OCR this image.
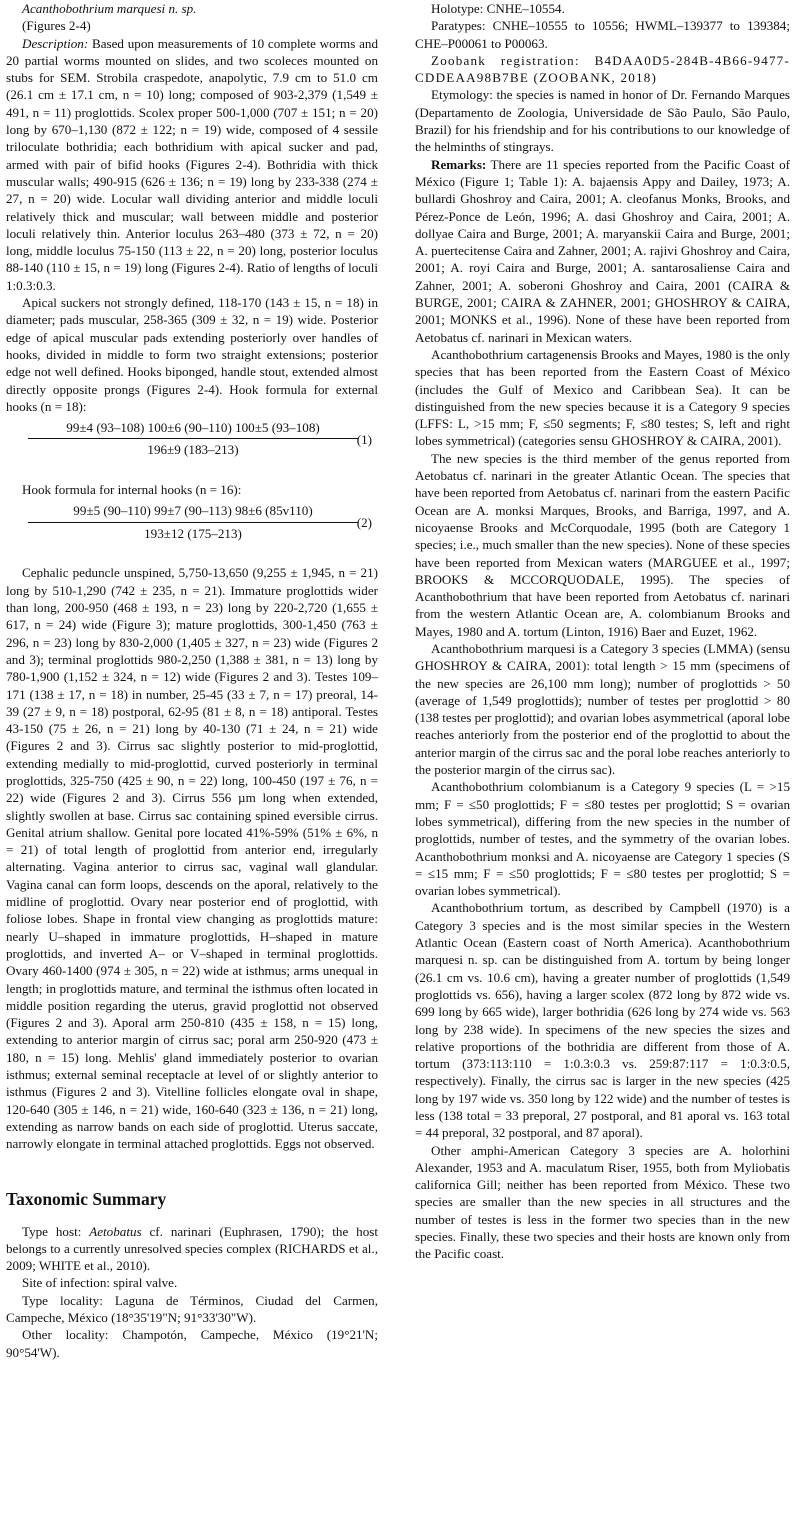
Acanthobothrium marquesi n. sp.

(Figures 2-4)

Description: Based upon measurements of 10 complete worms and 20 partial worms mounted on slides, and two scoleces mounted on stubs for SEM. Strobila craspedote, anapolytic, 7.9 cm to 51.0 cm (26.1 cm ± 17.1 cm, n = 10) long; composed of 903-2,379 (1,549 ± 491, n = 11) proglottids. Scolex proper 500-1,000 (707 ± 151; n = 20) long by 670–1,130 (872 ± 122; n = 19) wide, composed of 4 sessile triloculate bothridia; each bothridium with apical sucker and pad, armed with pair of bifid hooks (Figures 2-4). Bothridia with thick muscular walls; 490-915 (626 ± 136; n = 19) long by 233-338 (274 ± 27, n = 20) wide. Locular wall dividing anterior and middle loculi relatively thick and muscular; wall between middle and posterior loculi relatively thin. Anterior loculus 263–480 (373 ± 72, n = 20) long, middle loculus 75-150 (113 ± 22, n = 20) long, posterior loculus 88-140 (110 ± 15, n = 19) long (Figures 2-4). Ratio of lengths of loculi 1:0.3:0.3.

Apical suckers not strongly defined, 118-170 (143 ± 15, n = 18) in diameter; pads muscular, 258-365 (309 ± 32, n = 19) wide. Posterior edge of apical muscular pads extending posteriorly over handles of hooks, divided in middle to form two straight extensions; posterior edge not well defined. Hooks biponged, handle stout, extended almost directly opposite prongs (Figures 2-4). Hook formula for external hooks (n = 18):

$\frac{99\pm 4 (93-108) 100\pm 6 (90-110) 100\pm 5 (93-108)}{196\pm 9 (183-213)}$
(1)

Hook formula for internal hooks (n = 16):

$\frac{99\pm 5 (90-110) 99\pm 7 (90-113) 98\pm 6 (85v110)}{193\pm 12 (175-213)}$
(2)

Cephalic peduncle unspined, 5,750-13,650 (9,255 ± 1,945, n = 21) long by 510-1,290 (742 ± 235, n = 21). Immature proglottids wider than long, 200-950 (468 ± 193, n = 23) long by 220-2,720 (1,655 ± 617, n = 24) wide (Figure 3); mature proglottids, 300-1,450 (763 ± 296, n = 23) long by 830-2,000 (1,405 ± 327, n = 23) wide (Figures 2 and 3); terminal proglottids 980-2,250 (1,388 ± 381, n = 13) long by 780-1,900 (1,152 ± 324, n = 12) wide (Figures 2 and 3). Testes 109–171 (138 ± 17, n = 18) in number, 25-45 (33 ± 7, n = 17) preoral, 14-39 (27 ± 9, n = 18) postporal, 62-95 (81 ± 8, n = 18) antiporal. Testes 43-150 (75 ± 26, n = 21) long by 40-130 (71 ± 24, n = 21) wide (Figures 2 and 3). Cirrus sac slightly posterior to mid-proglottid, extending medially to mid-proglottid, curved posteriorly in terminal proglottids, 325-750 (425 ± 90, n = 22) long, 100-450 (197 ± 76, n = 22) wide (Figures 2 and 3). Cirrus 556 µm long when extended, slightly swollen at base. Cirrus sac containing spined eversible cirrus. Genital atrium shallow. Genital pore located 41%-59% (51% ± 6%, n = 21) of total length of proglottid from anterior end, irregularly alternating. Vagina anterior to cirrus sac, vaginal wall glandular. Vagina canal can form loops, descends on the aporal, relatively to the midline of proglottid. Ovary near posterior end of proglottid, with foliose lobes. Shape in frontal view changing as proglottids mature: nearly U–shaped in immature proglottids, H–shaped in mature proglottids, and inverted A– or V–shaped in terminal proglottids. Ovary 460-1400 (974 ± 305, n = 22) wide at isthmus; arms unequal in length; in proglottids mature, and terminal the isthmus often located in middle position regarding the uterus, gravid proglottid not observed (Figures 2 and 3). Aporal arm 250-810 (435 ± 158, n = 15) long, extending to anterior margin of cirrus sac; poral arm 250-920 (473 ± 180, n = 15) long. Mehlis' gland immediately posterior to ovarian isthmus; external seminal receptacle at level of or slightly anterior to isthmus (Figures 2 and 3). Vitelline follicles elongate oval in shape, 120-640 (305 ± 146, n = 21) wide, 160-640 (323 ± 136, n = 21) long, extending as narrow bands on each side of proglottid. Uterus saccate, narrowly elongate in terminal attached proglottids. Eggs not observed.

Taxonomic Summary

Type host: Aetobatus cf. narinari (Euphrasen, 1790); the host belongs to a currently unresolved species complex (RICHARDS et al., 2009; WHITE et al., 2010).

Site of infection: spiral valve.

Type locality: Laguna de Términos, Ciudad del Carmen, Campeche, México (18°35'19"N; 91°33'30"W).

Other locality: Champotón, Campeche, México (19°21'N; 90°54'W).

Holotype: CNHE–10554.

Paratypes: CNHE–10555 to 10556; HWML–139377 to 139384; CHE–P00061 to P00063.

Zoobank registration: B4DAA0D5-284B-4B66-9477-CDDEAA98B7BE (ZOOBANK, 2018)

Etymology: the species is named in honor of Dr. Fernando Marques (Departamento de Zoologia, Universidade de São Paulo, São Paulo, Brazil) for his friendship and for his contributions to our knowledge of the helminths of stingrays.

Remarks: There are 11 species reported from the Pacific Coast of México (Figure 1; Table 1): A. bajaensis Appy and Dailey, 1973; A. bullardi Ghoshroy and Caira, 2001; A. cleofanus Monks, Brooks, and Pérez-Ponce de León, 1996; A. dasi Ghoshroy and Caira, 2001; A. dollyae Caira and Burge, 2001; A. maryanskii Caira and Burge, 2001; A. puertecitense Caira and Zahner, 2001; A. rajivi Ghoshroy and Caira, 2001; A. royi Caira and Burge, 2001; A. santarosaliense Caira and Zahner, 2001; A. soberoni Ghoshroy and Caira, 2001 (CAIRA & BURGE, 2001; CAIRA & ZAHNER, 2001; GHOSHROY & CAIRA, 2001; MONKS et al., 1996). None of these have been reported from Aetobatus cf. narinari in Mexican waters.

Acanthobothrium cartagenensis Brooks and Mayes, 1980 is the only species that has been reported from the Eastern Coast of México (includes the Gulf of Mexico and Caribbean Sea). It can be distinguished from the new species because it is a Category 9 species (LFFS: L, >15 mm; F, ≤50 segments; F, ≤80 testes; S, left and right lobes symmetrical) (categories sensu GHOSHROY & CAIRA, 2001).

The new species is the third member of the genus reported from Aetobatus cf. narinari in the greater Atlantic Ocean. The species that have been reported from Aetobatus cf. narinari from the eastern Pacific Ocean are A. monksi Marques, Brooks, and Barriga, 1997, and A. nicoyaense Brooks and McCorquodale, 1995 (both are Category 1 species; i.e., much smaller than the new species). None of these species have been reported from Mexican waters (MARGUEE et al., 1997; BROOKS & MCCORQUODALE, 1995). The species of Acanthobothrium that have been reported from Aetobatus cf. narinari from the western Atlantic Ocean are, A. colombianum Brooks and Mayes, 1980 and A. tortum (Linton, 1916) Baer and Euzet, 1962.

Acanthobothrium marquesi is a Category 3 species (LMMA) (sensu GHOSHROY & CAIRA, 2001): total length > 15 mm (specimens of the new species are 26,100 mm long); number of proglottids > 50 (average of 1,549 proglottids); number of testes per proglottid > 80 (138 testes per proglottid); and ovarian lobes asymmetrical (aporal lobe reaches anteriorly from the posterior end of the proglottid to about the anterior margin of the cirrus sac and the poral lobe reaches anteriorly to the posterior margin of the cirrus sac).

Acanthobothrium colombianum is a Category 9 species (L = >15 mm; F = ≤50 proglottids; F = ≤80 testes per proglottid; S = ovarian lobes symmetrical), differing from the new species in the number of proglottids, number of testes, and the symmetry of the ovarian lobes. Acanthobothrium monksi and A. nicoyaense are Category 1 species (S = ≤15 mm; F = ≤50 proglottids; F = ≤80 testes per proglottid; S = ovarian lobes symmetrical).

Acanthobothrium tortum, as described by Campbell (1970) is a Category 3 species and is the most similar species in the Western Atlantic Ocean (Eastern coast of North America). Acanthobothrium marquesi n. sp. can be distinguished from A. tortum by being longer (26.1 cm vs. 10.6 cm), having a greater number of proglottids (1,549 proglottids vs. 656), having a larger scolex (872 long by 872 wide vs. 699 long by 665 wide), larger bothridia (626 long by 274 wide vs. 563 long by 238 wide). In specimens of the new species the sizes and relative proportions of the bothridia are different from those of A. tortum (373:113:110 = 1:0.3:0.3 vs. 259:87:117 = 1:0.3:0.5, respectively). Finally, the cirrus sac is larger in the new species (425 long by 197 wide vs. 350 long by 122 wide) and the number of testes is less (138 total = 33 preporal, 27 postporal, and 81 aporal vs. 163 total = 44 preporal, 32 postporal, and 87 aporal).

Other amphi-American Category 3 species are A. holorhini Alexander, 1953 and A. maculatum Riser, 1955, both from Myliobatis californica Gill; neither has been reported from México. These two species are smaller than the new species in all structures and the number of testes is less in the former two species than in the new species. Finally, these two species and their hosts are known only from the Pacific coast.
